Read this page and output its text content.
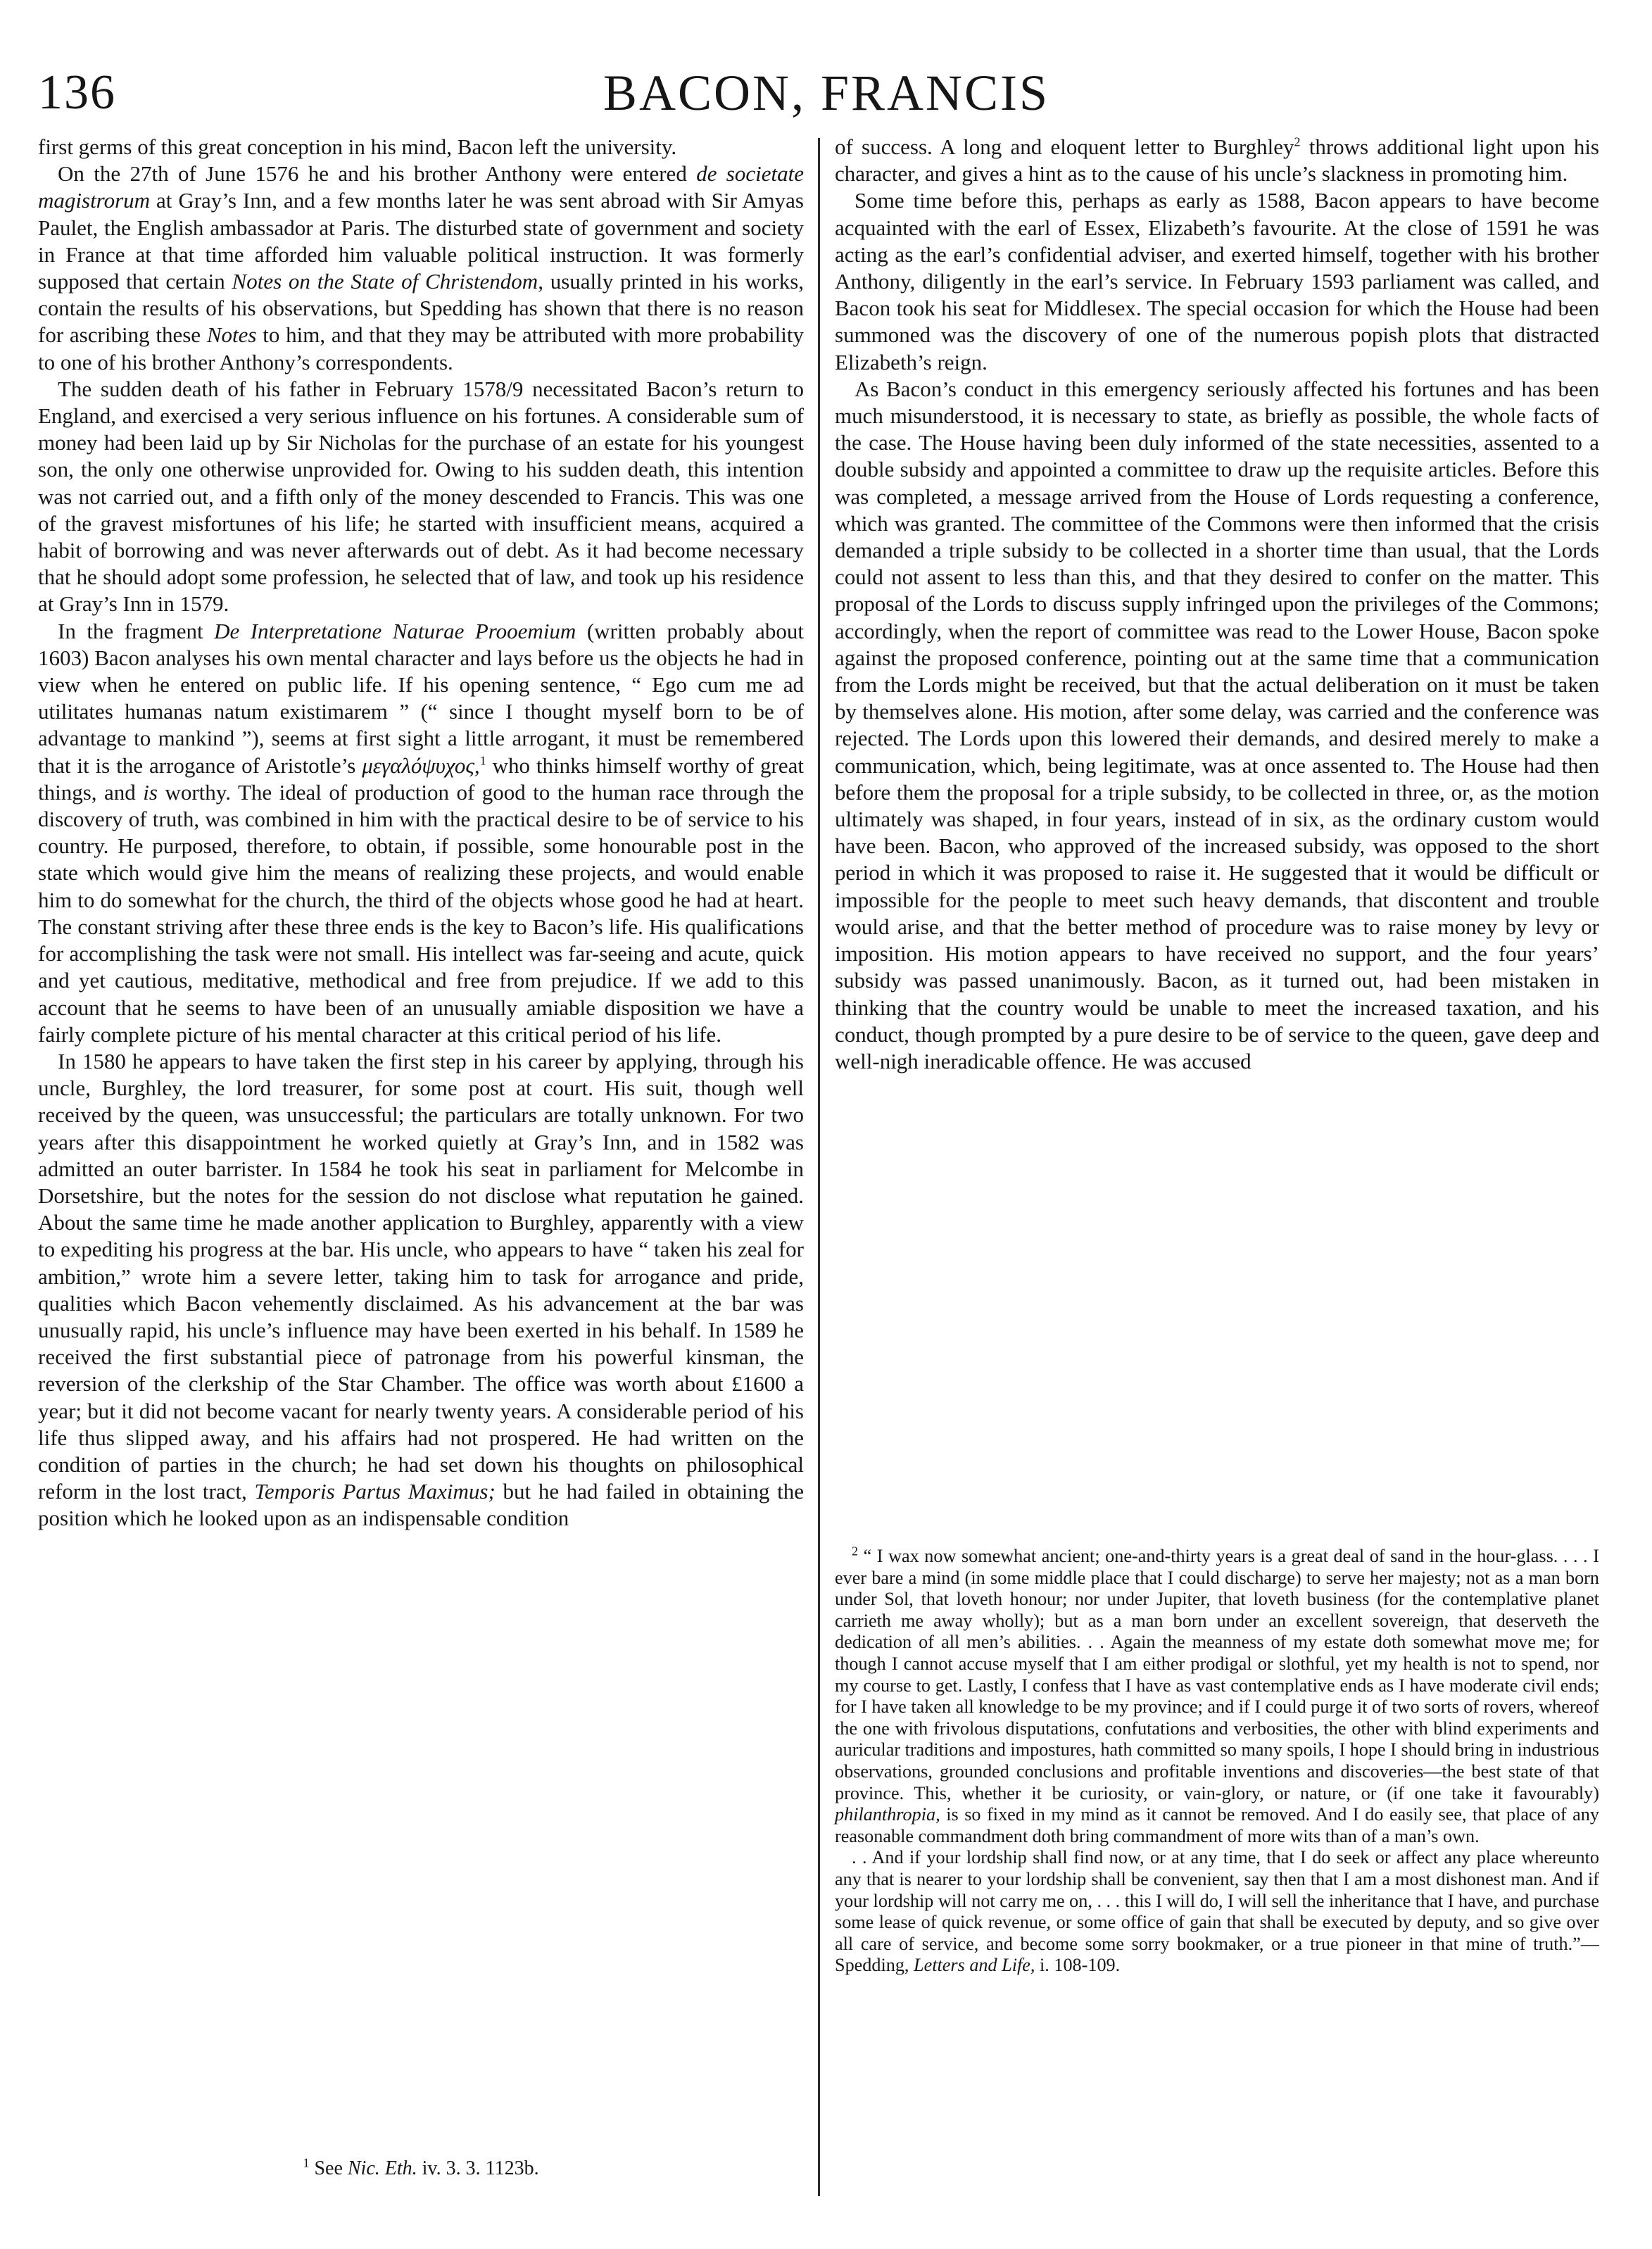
136	BACON, FRANCIS

first germs of this great conception in his mind, Bacon left the university.

On the 27th of June 1576 he and his brother Anthony were entered de societate magistrorum at Gray’s Inn, and a few months later he was sent abroad with Sir Amyas Paulet, the English ambassador at Paris. The disturbed state of government and society in France at that time afforded him valuable political instruction. It was formerly supposed that certain Notes on the State of Christendom, usually printed in his works, contain the results of his observations, but Spedding has shown that there is no reason for ascribing these Notes to him, and that they may be attributed with more probability to one of his brother Anthony’s correspondents.

The sudden death of his father in February 1578/9 necessitated Bacon’s return to England, and exercised a very serious influence on his fortunes. A considerable sum of money had been laid up by Sir Nicholas for the purchase of an estate for his youngest son, the only one otherwise unprovided for. Owing to his sudden death, this intention was not carried out, and a fifth only of the money descended to Francis. This was one of the gravest misfortunes of his life; he started with insufficient means, acquired a habit of borrowing and was never afterwards out of debt. As it had become necessary that he should adopt some profession, he selected that of law, and took up his residence at Gray’s Inn in 1579.

In the fragment De Interpretatione Naturae Prooemium (written probably about 1603) Bacon analyses his own mental character and lays before us the objects he had in view when he entered on public life. If his opening sentence, “ Ego cum me ad utilitates humanas natum existimarem ” (“ since I thought myself born to be of advantage to mankind ”), seems at first sight a little arrogant, it must be remembered that it is the arrogance of Aristotle’s μεγαλόψυχος,$^1$ who thinks himself worthy of great things, and is worthy. The ideal of production of good to the human race through the discovery of truth, was combined in him with the practical desire to be of service to his country. He purposed, therefore, to obtain, if possible, some honourable post in the state which would give him the means of realizing these projects, and would enable him to do somewhat for the church, the third of the objects whose good he had at heart. The constant striving after these three ends is the key to Bacon’s life. His qualifications for accomplishing the task were not small. His intellect was far-seeing and acute, quick and yet cautious, meditative, methodical and free from prejudice. If we add to this account that he seems to have been of an unusually amiable disposition we have a fairly complete picture of his mental character at this critical period of his life.

In 1580 he appears to have taken the first step in his career by applying, through his uncle, Burghley, the lord treasurer, for some post at court. His suit, though well received by the queen, was unsuccessful; the particulars are totally unknown. For two years after this disappointment he worked quietly at Gray’s Inn, and in 1582 was admitted an outer barrister. In 1584 he took his seat in parliament for Melcombe in Dorsetshire, but the notes for the session do not disclose what reputation he gained. About the same time he made another application to Burghley, apparently with a view to expediting his progress at the bar. His uncle, who appears to have “ taken his zeal for ambition,” wrote him a severe letter, taking him to task for arrogance and pride, qualities which Bacon vehemently disclaimed. As his advancement at the bar was unusually rapid, his uncle’s influence may have been exerted in his behalf. In 1589 he received the first substantial piece of patronage from his powerful kinsman, the reversion of the clerkship of the Star Chamber. The office was worth about £1600 a year; but it did not become vacant for nearly twenty years. A considerable period of his life thus slipped away, and his affairs had not prospered. He had written on the condition of parties in the church; he had set down his thoughts on philosophical reform in the lost tract, Temporis Partus Maximus; but he had failed in obtaining the position which he looked upon as an indispensable condition

$^1$ See Nic. Eth. iv. 3. 3. 1123b.

of success. A long and eloquent letter to Burghley$^2$ throws additional light upon his character, and gives a hint as to the cause of his uncle’s slackness in promoting him.

Some time before this, perhaps as early as 1588, Bacon appears to have become acquainted with the earl of Essex, Elizabeth’s favourite. At the close of 1591 he was acting as the earl’s confidential adviser, and exerted himself, together with his brother Anthony, diligently in the earl’s service. In February 1593 parliament was called, and Bacon took his seat for Middlesex. The special occasion for which the House had been summoned was the discovery of one of the numerous popish plots that distracted Elizabeth’s reign.

As Bacon’s conduct in this emergency seriously affected his fortunes and has been much misunderstood, it is necessary to state, as briefly as possible, the whole facts of the case. The House having been duly informed of the state necessities, assented to a double subsidy and appointed a committee to draw up the requisite articles. Before this was completed, a message arrived from the House of Lords requesting a conference, which was granted. The committee of the Commons were then informed that the crisis demanded a triple subsidy to be collected in a shorter time than usual, that the Lords could not assent to less than this, and that they desired to confer on the matter. This proposal of the Lords to discuss supply infringed upon the privileges of the Commons; accordingly, when the report of committee was read to the Lower House, Bacon spoke against the proposed conference, pointing out at the same time that a communication from the Lords might be received, but that the actual deliberation on it must be taken by themselves alone. His motion, after some delay, was carried and the conference was rejected. The Lords upon this lowered their demands, and desired merely to make a communication, which, being legitimate, was at once assented to. The House had then before them the proposal for a triple subsidy, to be collected in three, or, as the motion ultimately was shaped, in four years, instead of in six, as the ordinary custom would have been. Bacon, who approved of the increased subsidy, was opposed to the short period in which it was proposed to raise it. He suggested that it would be difficult or impossible for the people to meet such heavy demands, that discontent and trouble would arise, and that the better method of procedure was to raise money by levy or imposition. His motion appears to have received no support, and the four years’ subsidy was passed unanimously. Bacon, as it turned out, had been mistaken in thinking that the country would be unable to meet the increased taxation, and his conduct, though prompted by a pure desire to be of service to the queen, gave deep and well-nigh ineradicable offence. He was accused

$^2$ “ I wax now somewhat ancient; one-and-thirty years is a great deal of sand in the hour-glass. . . . I ever bare a mind (in some middle place that I could discharge) to serve her majesty; not as a man born under Sol, that loveth honour; nor under Jupiter, that loveth business (for the contemplative planet carrieth me away wholly); but as a man born under an excellent sovereign, that deserveth the dedication of all men’s abilities. . . Again the meanness of my estate doth somewhat move me; for though I cannot accuse myself that I am either prodigal or slothful, yet my health is not to spend, nor my course to get. Lastly, I confess that I have as vast contemplative ends as I have moderate civil ends; for I have taken all knowledge to be my province; and if I could purge it of two sorts of rovers, whereof the one with frivolous disputations, confutations and verbosities, the other with blind experiments and auricular traditions and impostures, hath committed so many spoils, I hope I should bring in industrious observations, grounded conclusions and profitable inventions and discoveries—the best state of that province. This, whether it be curiosity, or vain-glory, or nature, or (if one take it favourably) philanthropia, is so fixed in my mind as it cannot be removed. And I do easily see, that place of any reasonable commandment doth bring commandment of more wits than of a man’s own.

. . And if your lordship shall find now, or at any time, that I do seek or affect any place whereunto any that is nearer to your lordship shall be convenient, say then that I am a most dishonest man. And if your lordship will not carry me on, . . . this I will do, I will sell the inheritance that I have, and purchase some lease of quick revenue, or some office of gain that shall be executed by deputy, and so give over all care of service, and become some sorry bookmaker, or a true pioneer in that mine of truth.”—Spedding, Letters and Life, i. 108-109.
